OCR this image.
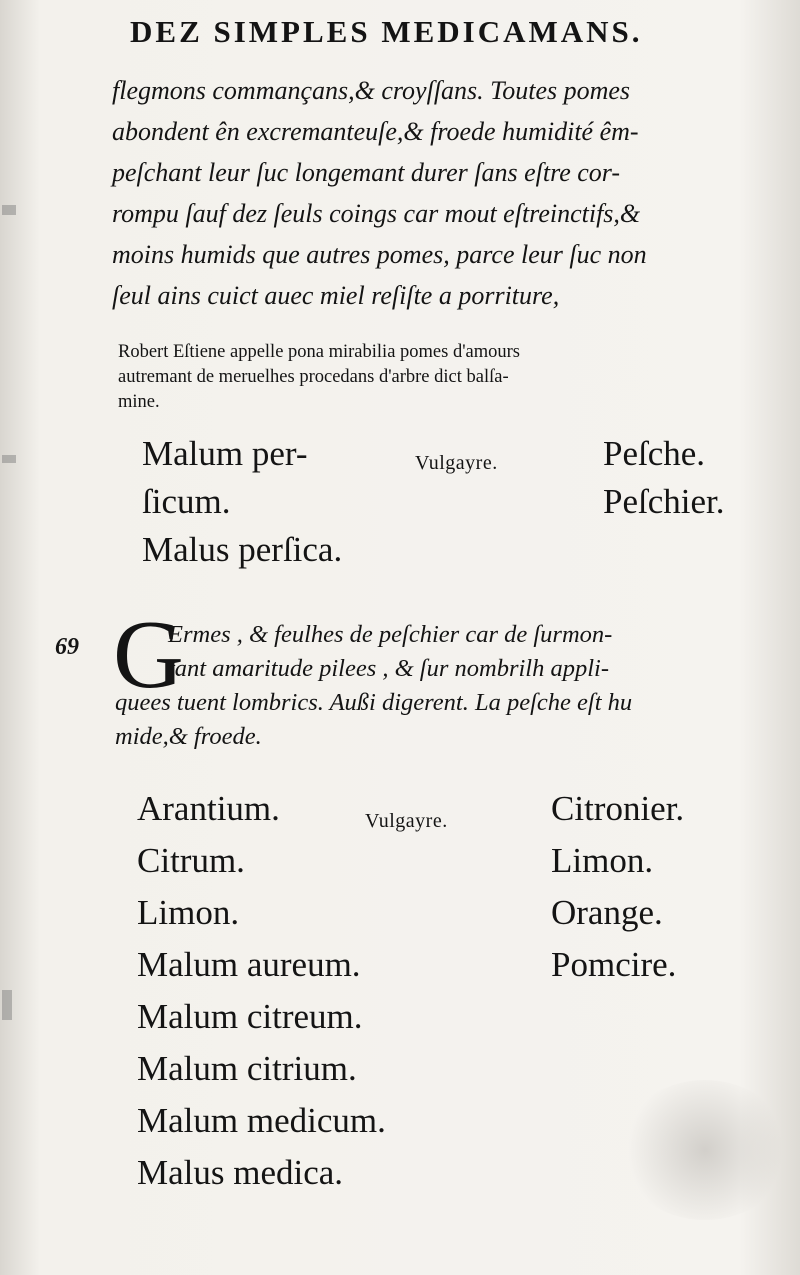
DEZ SIMPLES MEDICAMANS.
flegmons commançans,& croyſſans. Toutes pomes
abondent ên excremanteuſe,& froede humidité êm-
peſchant leur ſuc longemant durer ſans eſtre cor-
rompu ſauf dez ſeuls coings car mout eſtreinctifs,&
moins humids que autres pomes, parce leur ſuc non
ſeul ains cuict auec miel reſiſte a porriture,
Robert Eſtiene appelle pona mirabilia pomes d'amours
autremant de meruelhes procedans d'arbre dict balſa-
mine.
Malum per-
ſicum.
Malus perſica.
Vulgayre.	Peſche.
Peſchier.
69 G
Ermes , & feulhes de peſchier car de ſurmon-
tant amaritude pilees , & ſur nombrilh appli-
quees tuent lombrics. Außi digerent. La peſche eſt hu
mide,& froede.
Arantium.
Citrum.
Limon.
Malum aureum.
Malum citreum.
Malum citrium.
Malum medicum.
Malus medica.
Vulgayre.	Citronier.
Limon.
Orange.
Pomcire.
